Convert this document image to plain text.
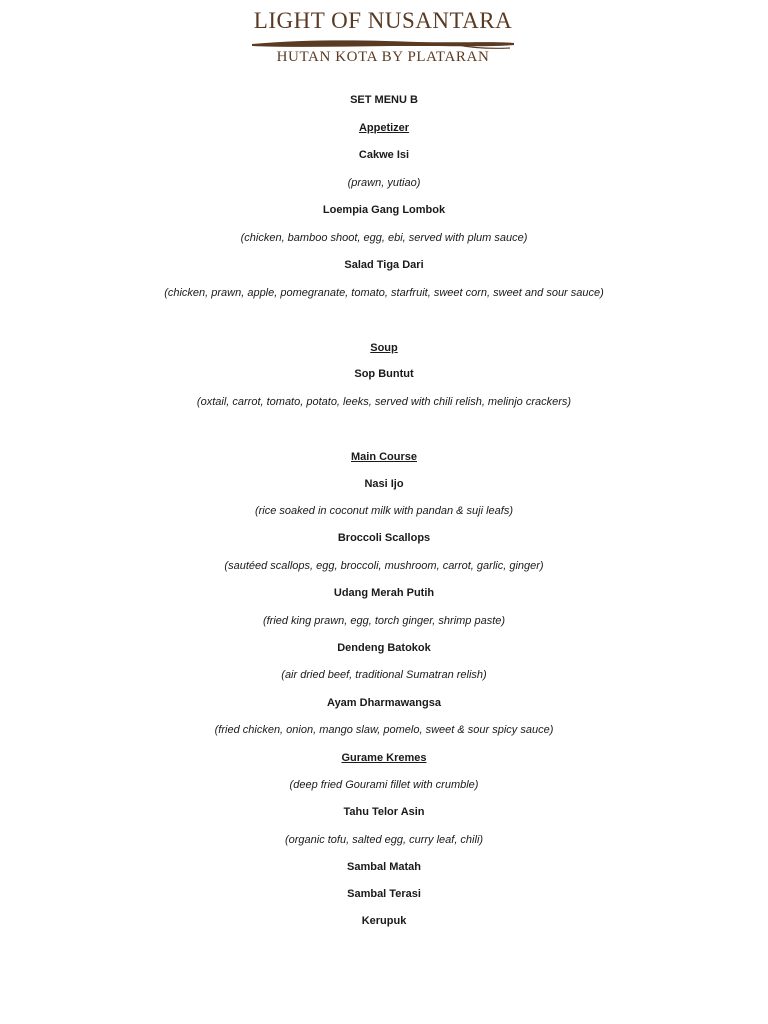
LIGHT OF NUSANTARA
HUTAN KOTA BY PLATARAN
SET MENU B
Appetizer
Cakwe Isi
(prawn, yutiao)
Loempia Gang Lombok
(chicken, bamboo shoot, egg, ebi, served with plum sauce)
Salad Tiga Dari
(chicken, prawn, apple, pomegranate, tomato, starfruit, sweet corn, sweet and sour sauce)
Soup
Sop Buntut
(oxtail, carrot, tomato, potato, leeks, served with chili relish, melinjo crackers)
Main Course
Nasi Ijo
(rice soaked in coconut milk with pandan & suji leafs)
Broccoli Scallops
(sautéed scallops, egg, broccoli, mushroom, carrot, garlic, ginger)
Udang Merah Putih
(fried king prawn, egg, torch ginger, shrimp paste)
Dendeng Batokok
(air dried beef, traditional Sumatran relish)
Ayam Dharmawangsa
(fried chicken, onion, mango slaw, pomelo, sweet & sour spicy sauce)
Gurame Kremes
(deep fried Gourami fillet with crumble)
Tahu Telor Asin
(organic tofu, salted egg, curry leaf, chili)
Sambal Matah
Sambal Terasi
Kerupuk
